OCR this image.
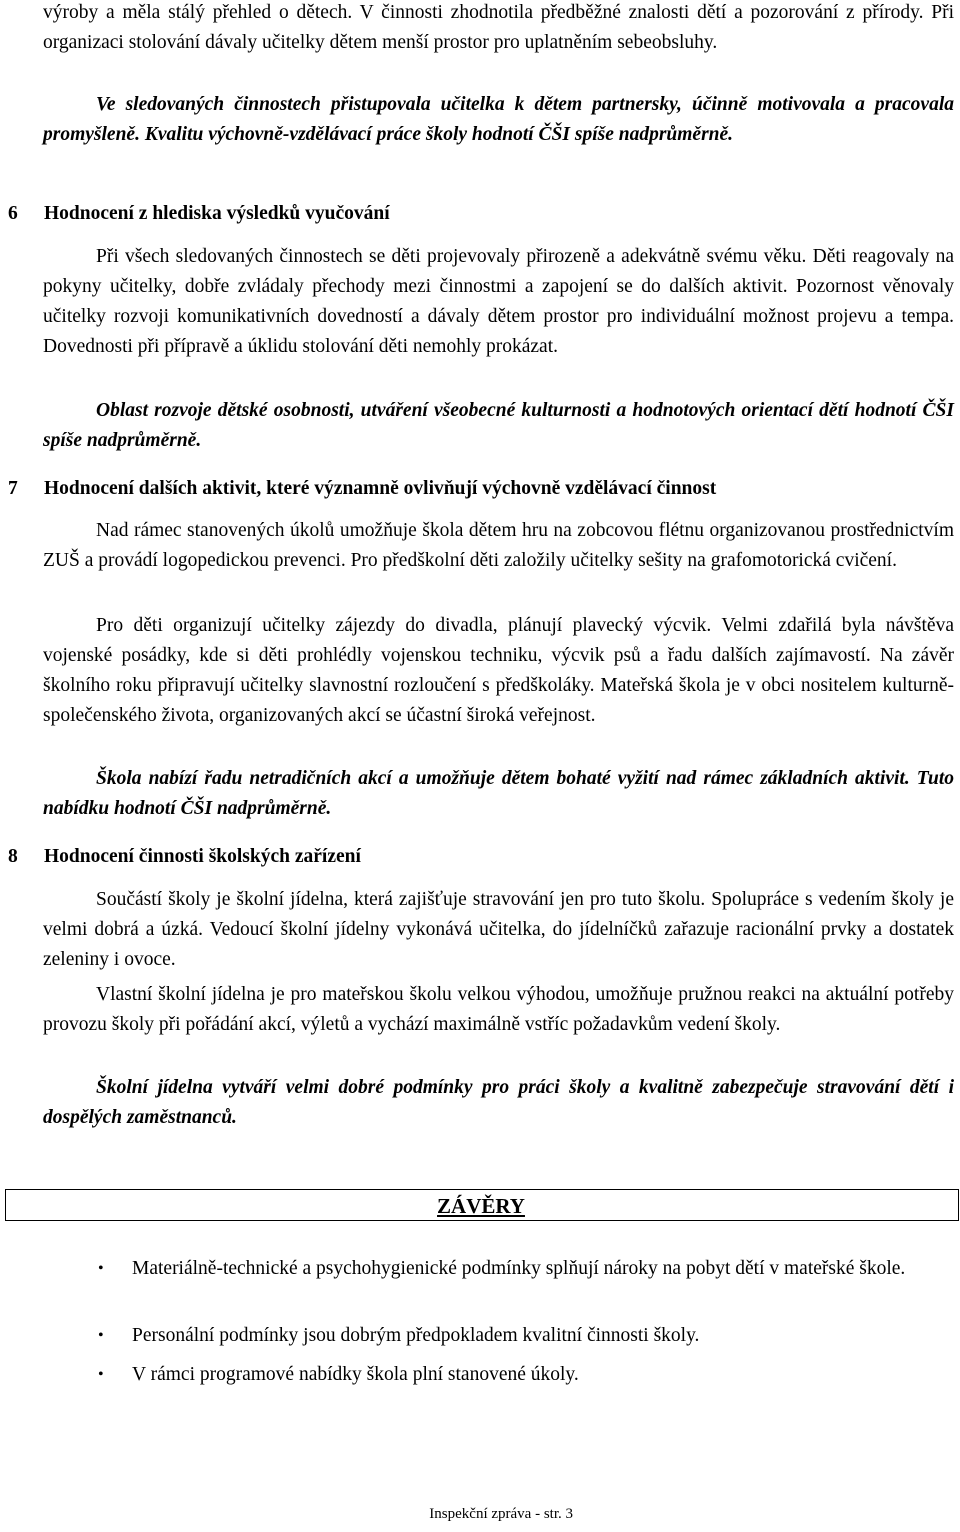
výroby a měla stálý přehled o dětech. V činnosti zhodnotila předběžné znalosti dětí a pozorování z přírody. Při organizaci stolování dávaly učitelky dětem menší prostor pro uplatněním sebeobsluhy.

Ve sledovaných činnostech přistupovala učitelka k dětem partnersky, účinně motivovala a pracovala promyšleně. Kvalitu výchovně-vzdělávací práce školy hodnotí ČŠI spíše nadprůměrně.

6 Hodnocení z hlediska výsledků vyučování

Při všech sledovaných činnostech se děti projevovaly přirozeně a adekvátně svému věku. Děti reagovaly na pokyny učitelky, dobře zvládaly přechody mezi činnostmi a zapojení se do dalších aktivit. Pozornost věnovaly učitelky rozvoji komunikativních dovedností a dávaly dětem prostor pro individuální možnost projevu a tempa. Dovednosti při přípravě a úklidu stolování děti nemohly prokázat.

Oblast rozvoje dětské osobnosti, utváření všeobecné kulturnosti a hodnotových orientací dětí hodnotí ČŠI spíše nadprůměrně.

7 Hodnocení dalších aktivit, které významně ovlivňují výchovně vzdělávací činnost

Nad rámec stanovených úkolů umožňuje škola dětem hru na zobcovou flétnu organizovanou prostřednictvím ZUŠ a provádí logopedickou prevenci. Pro předškolní děti založily učitelky sešity na grafomotorická cvičení.

Pro děti organizují učitelky zájezdy do divadla, plánují plavecký výcvik. Velmi zdařilá byla návštěva vojenské posádky, kde si děti prohlédly vojenskou techniku, výcvik psů a řadu dalších zajímavostí. Na závěr školního roku připravují učitelky slavnostní rozloučení s předškoláky. Mateřská škola je v obci nositelem kulturně-společenského života, organizovaných akcí se účastní široká veřejnost.

Škola nabízí řadu netradičních akcí a umožňuje dětem bohaté vyžití nad rámec základních aktivit. Tuto nabídku hodnotí ČŠI nadprůměrně.

8 Hodnocení činnosti školských zařízení

Součástí školy je školní jídelna, která zajišťuje stravování jen pro tuto školu. Spolupráce s vedením školy je velmi dobrá a úzká. Vedoucí školní jídelny vykonává učitelka, do jídelníčků zařazuje racionální prvky a dostatek zeleniny i ovoce.

Vlastní školní jídelna je pro mateřskou školu velkou výhodou, umožňuje pružnou reakci na aktuální potřeby provozu školy při pořádání akcí, výletů a vychází maximálně vstříc požadavkům vedení školy.

Školní jídelna vytváří velmi dobré podmínky pro práci školy a kvalitně zabezpečuje stravování dětí i dospělých zaměstnanců.

ZÁVĚRY

• Materiálně-technické a psychohygienické podmínky splňují nároky na pobyt dětí v mateřské škole.

• Personální podmínky jsou dobrým předpokladem kvalitní činnosti školy.

• V rámci programové nabídky škola plní stanovené úkoly.

Inspekční zpráva - str. 3
